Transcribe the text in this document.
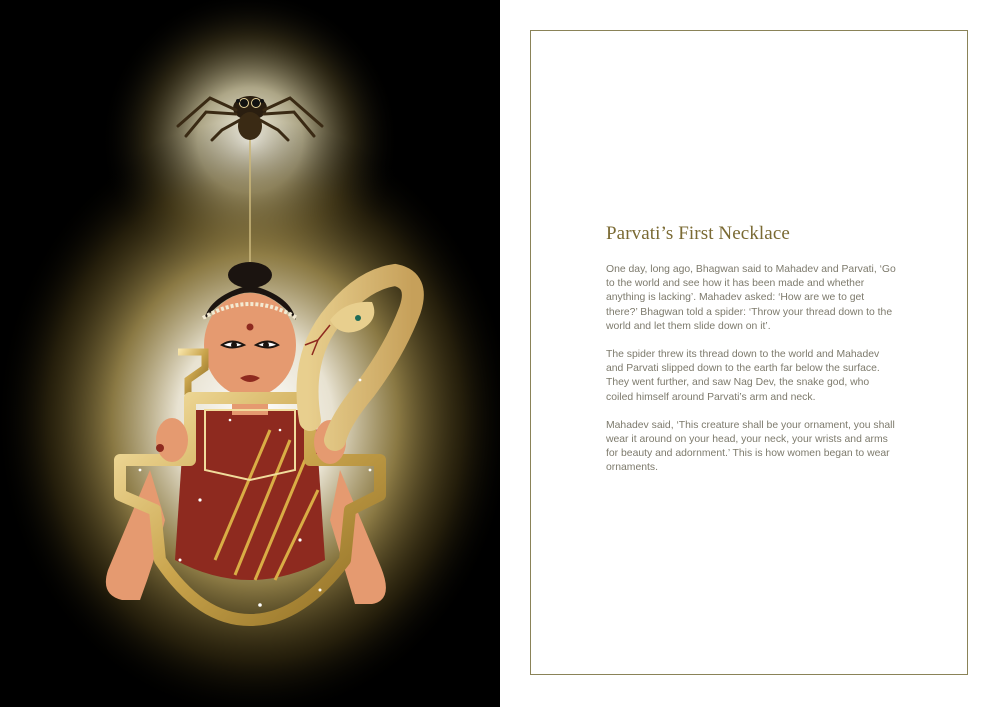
Parvati’s First Necklace

One day, long ago, Bhagwan said to Mahadev and Parvati, ‘Go to the world and see how it has been made and whether anything is lacking’. Mahadev asked: ‘How are we to get there?’ Bhagwan told a spider: ‘Throw your thread down to the world and let them slide down on it’.

The spider threw its thread down to the world and Mahadev and Parvati slipped down to the earth far below the surface. They went further, and saw Nag Dev, the snake god, who coiled himself around Parvati’s arm and neck.

Mahadev said, ‘This creature shall be your ornament, you shall wear it around on your head, your neck, your wrists and arms for beauty and adornment.’ This is how women began to wear ornaments.
